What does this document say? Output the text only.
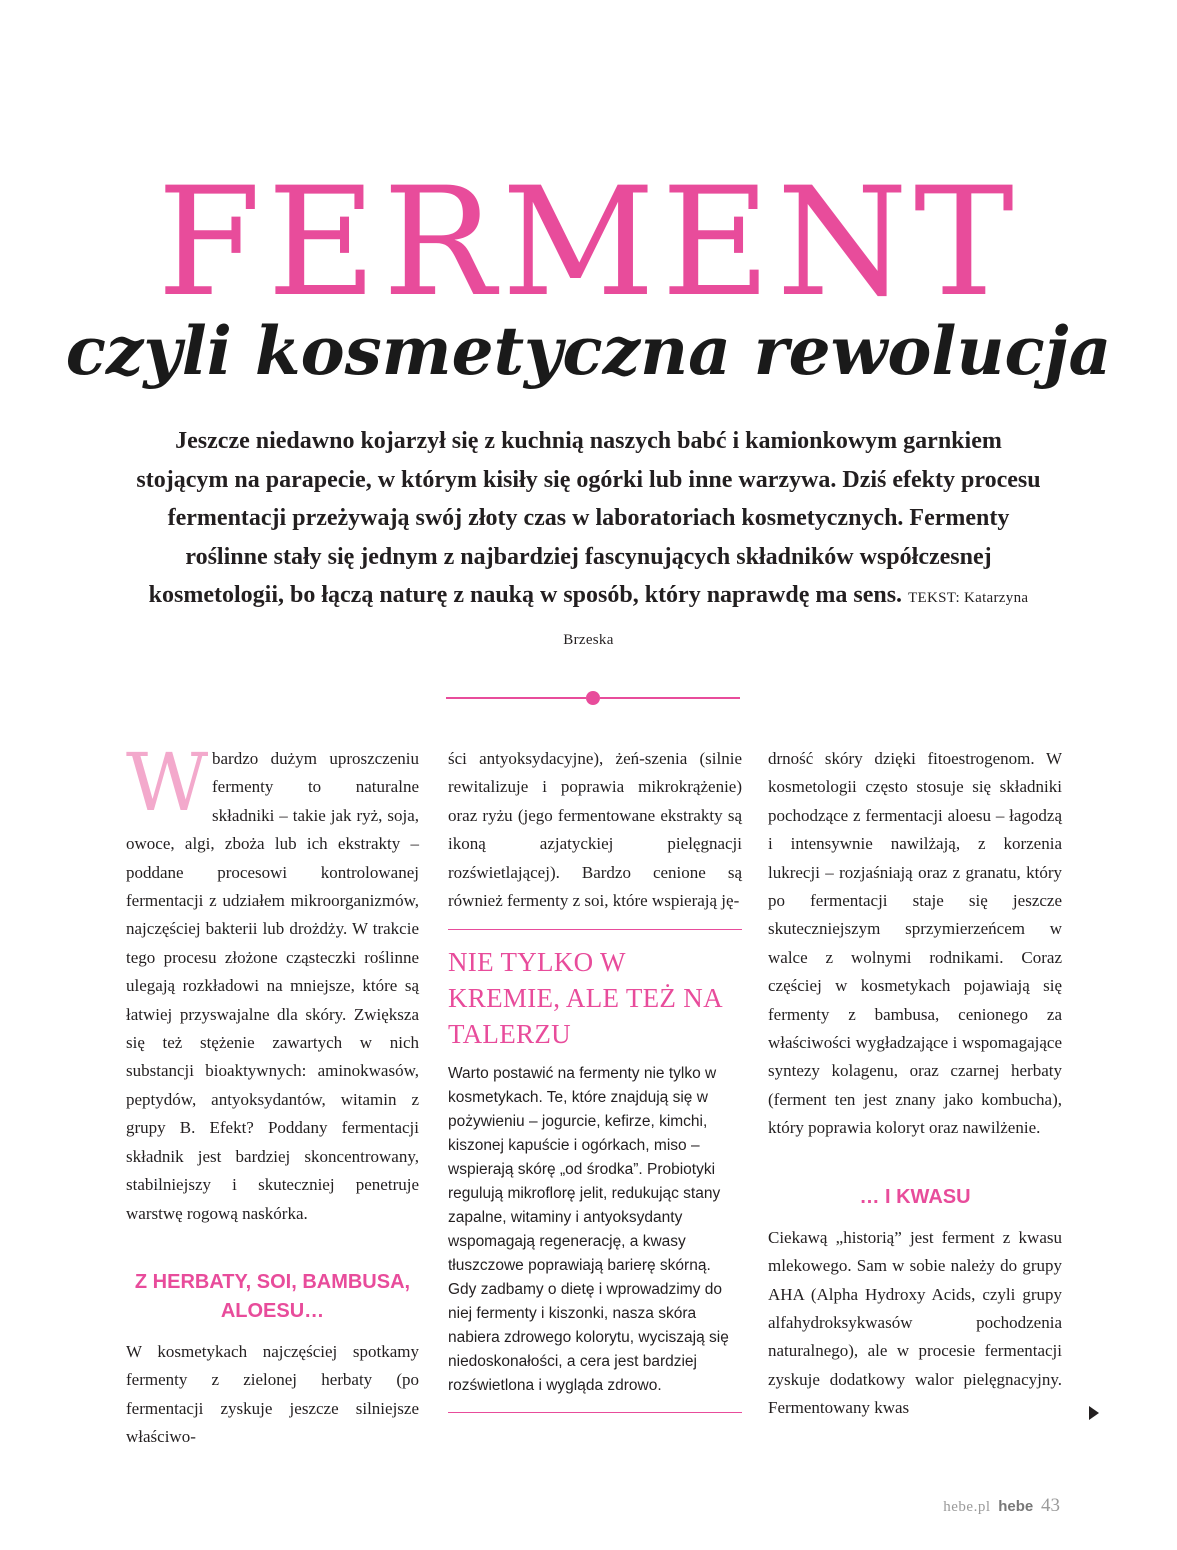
FERMENT
czyli kosmetyczna rewolucja

Jeszcze niedawno kojarzył się z kuchnią naszych babć i kamionkowym garnkiem stojącym na parapecie, w którym kisiły się ogórki lub inne warzywa. Dziś efekty procesu fermentacji przeżywają swój złoty czas w laboratoriach kosmetycznych. Fermenty roślinne stały się jednym z najbardziej fascynujących składników współczesnej kosmetologii, bo łączą naturę z nauką w sposób, który naprawdę ma sens. TEKST: Katarzyna Brzeska

W bardzo dużym uproszczeniu fermenty to naturalne składniki – takie jak ryż, soja, owoce, algi, zboża lub ich ekstrakty – poddane procesowi kontrolowanej fermentacji z udziałem mikroorganizmów, najczęściej bakterii lub drożdży. W trakcie tego procesu złożone cząsteczki roślinne ulegają rozkładowi na mniejsze, które są łatwiej przyswajalne dla skóry. Zwiększa się też stężenie zawartych w nich substancji bioaktywnych: aminokwasów, peptydów, antyoksydantów, witamin z grupy B. Efekt? Poddany fermentacji składnik jest bardziej skoncentrowany, stabilniejszy i skuteczniej penetruje warstwę rogową naskórka.

Z HERBATY, SOI, BAMBUSA, ALOESU…

W kosmetykach najczęściej spotkamy fermenty z zielonej herbaty (po fermentacji zyskuje jeszcze silniejsze właściwo-

ści antyoksydacyjne), żeń-szenia (silnie rewitalizuje i poprawia mikrokrążenie) oraz ryżu (jego fermentowane ekstrakty są ikoną azjatyckiej pielęgnacji rozświetlającej). Bardzo cenione są również fermenty z soi, które wspierają ję-

NIE TYLKO W KREMIE, ALE TEŻ NA TALERZU

Warto postawić na fermenty nie tylko w kosmetykach. Te, które znajdują się w pożywieniu – jogurcie, kefirze, kimchi, kiszonej kapuście i ogórkach, miso – wspierają skórę „od środka”. Probiotyki regulują mikroflorę jelit, redukując stany zapalne, witaminy i antyoksydanty wspomagają regenerację, a kwasy tłuszczowe poprawiają barierę skórną. Gdy zadbamy o dietę i wprowadzimy do niej fermenty i kiszonki, nasza skóra nabiera zdrowego kolorytu, wyciszają się niedoskonałości, a cera jest bardziej rozświetlona i wygląda zdrowo.

drność skóry dzięki fitoestrogenom. W kosmetologii często stosuje się składniki pochodzące z fermentacji aloesu – łagodzą i intensywnie nawilżają, z korzenia lukrecji – rozjaśniają oraz z granatu, który po fermentacji staje się jeszcze skuteczniejszym sprzymierzeńcem w walce z wolnymi rodnikami. Coraz częściej w kosmetykach pojawiają się fermenty z bambusa, cenionego za właściwości wygładzające i wspomagające syntezy kolagenu, oraz czarnej herbaty (ferment ten jest znany jako kombucha), który poprawia koloryt oraz nawilżenie.

… I KWASU

Ciekawą „historią” jest ferment z kwasu mlekowego. Sam w sobie należy do grupy AHA (Alpha Hydroxy Acids, czyli grupy alfahydroksykwasów pochodzenia naturalnego), ale w procesie fermentacji zyskuje dodatkowy walor pielęgnacyjny. Fermentowany kwas

hebe.pl hebe 43
